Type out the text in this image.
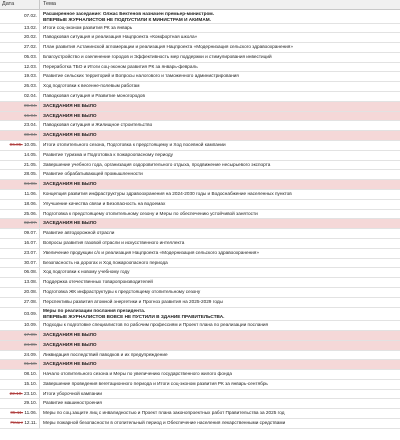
Дата	Тема
07.02. Расширенное заседание: Олжас Бектенов назначен премьер-министром.
ВПЕРВЫЕ ЖУРНАЛИСТОВ НЕ ПОДПУСТИЛИ К МИНИСТРАМ И АКИМАМ.
13.02.	Итоги соц-эконом развития РК за январь
20.02.	Паводковая ситуация и реализация Нацпроекта «Комфортная школа»
27.02.	План развития Астанинской агломерации и реализация Нацпроекта «Модернизация сельского здравоохранения»
05.03.	Благоустройство и озеленение городов и Эффективность мер поддержки и стимулирования инвестиций
12.03.	Переработка ТБО и Итоги соц-эконом развития РК за январь-февраль
19.03.	Развитие сельских территорий и Вопросы налогового и таможенного администрирования
26.03.	Ход подготовки к весенне-полевым работам
02.04.	Паводковая ситуация и Развитие моногородов
09.04.	ЗАСЕДАНИЯ НЕ БЫЛО
16.04.	ЗАСЕДАНИЯ НЕ БЫЛО
23.04.	Паводковая ситуация и Жилищное строительство
30.04.	ЗАСЕДАНИЯ НЕ БЫЛО
06.05. 10.05.	Итоги отопительного сезона, Подготовка к предстоящему и Ход посевной кампании
14.05.	Развитие туризма и Подготовка к пожароопасному периоду
21.05.	Завершение учебного года, организация оздоровительного отдыха, продвижение несырьевого экспорта
28.05.	Развитие обрабатывающей промышленности
04.06.	ЗАСЕДАНИЯ НЕ БЫЛО
11.06.	Концепция развития инфраструктуры здравоохранения на 2024-2030 годы и Водоснабжение населенных пунктов
18.06.	Улучшение качества связи и Безопасность на водоемах
25.06.	Подготовка к предстоящему отопительному сезону и Меры по обеспечению устойчивой занятости
02.07.	ЗАСЕДАНИЯ НЕ БЫЛО
09.07.	Развитие автодорожной отрасли
16.07.	Вопросы развития газовой отрасли и искусственного интеллекта
23.07.	Увеличение продукции с/х и реализация Нацпроекта «Модернизация сельского здравоохранения»
30.07.	Безопасность на дорогах и Ход пожароопасного периода
06.08.	Ход подготовки к новому учебному году
13.08.	Поддержка отечественных товаропроизводителей
20.08.	Подготовка ЖК инфраструктуры к предстоящему отопительному сезону
27.08.	Перспективы развития атомной энергетики и Прогноз развития на 2025-2029 годы
03.09. Меры по реализации послания президента.
ВПЕРВЫЕ ЖУРНАЛИСТОВ ВОВСЕ НЕ ПУСТИЛИ В ЗДАНИЕ ПРАВИТЕЛЬСТВА.
10.09.	Подходы к подготовке специалистов по рабочим профессиям и Проект плана по реализации послания
17.09.	ЗАСЕДАНИЯ НЕ БЫЛО
24.09.	ЗАСЕДАНИЯ НЕ БЫЛО
24.09.	Ликвидация последствий паводков и их предупреждение
01.10.	ЗАСЕДАНИЯ НЕ БЫЛО
08.10.	Начало отопительного сезона и Меры по увеличению государственного жилого фонда
15.10.	Завершение проведения вегетационного периода и Итоги соц-эконом развития РК за январь-сентябрь
22.10. 23.10.	Итоги уборочной кампании
29.10.	Развитие машиностроения
05.11. 11.06.	Меры по соц.защите лиц с инвалидностью и Проект плана законопроектных работ Правительства за 2025 год
План: 12.11.	Меры пожарной безопасности в отопительный период и Обеспечение населения лекарственными средствами
